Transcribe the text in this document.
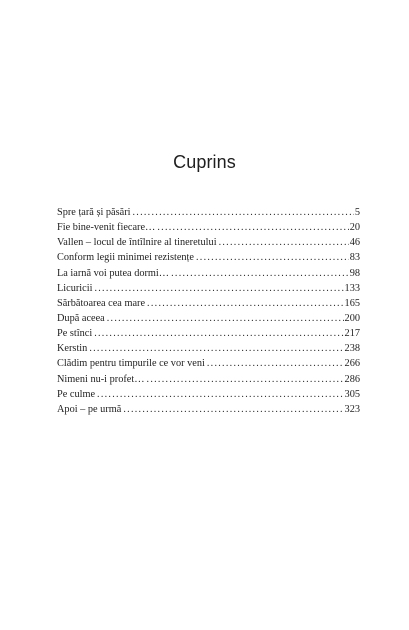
Cuprins
Spre țară și păsări . . .	5
Fie bine-venit fiecare… . . .	20
Vallen – locul de întîlnire al tineretului . . .	46
Conform legii minimei rezistențe . . .	83
La iarnă voi putea dormi… . . .	98
Licuricii . . .	133
Sărbătoarea cea mare . . .	165
După aceea . . .	200
Pe stînci . . .	217
Kerstin . . .	238
Clădim pentru timpurile ce vor veni . . .	266
Nimeni nu-i profet… . . .	286
Pe culme . . .	305
Apoi – pe urmă . . .	323
